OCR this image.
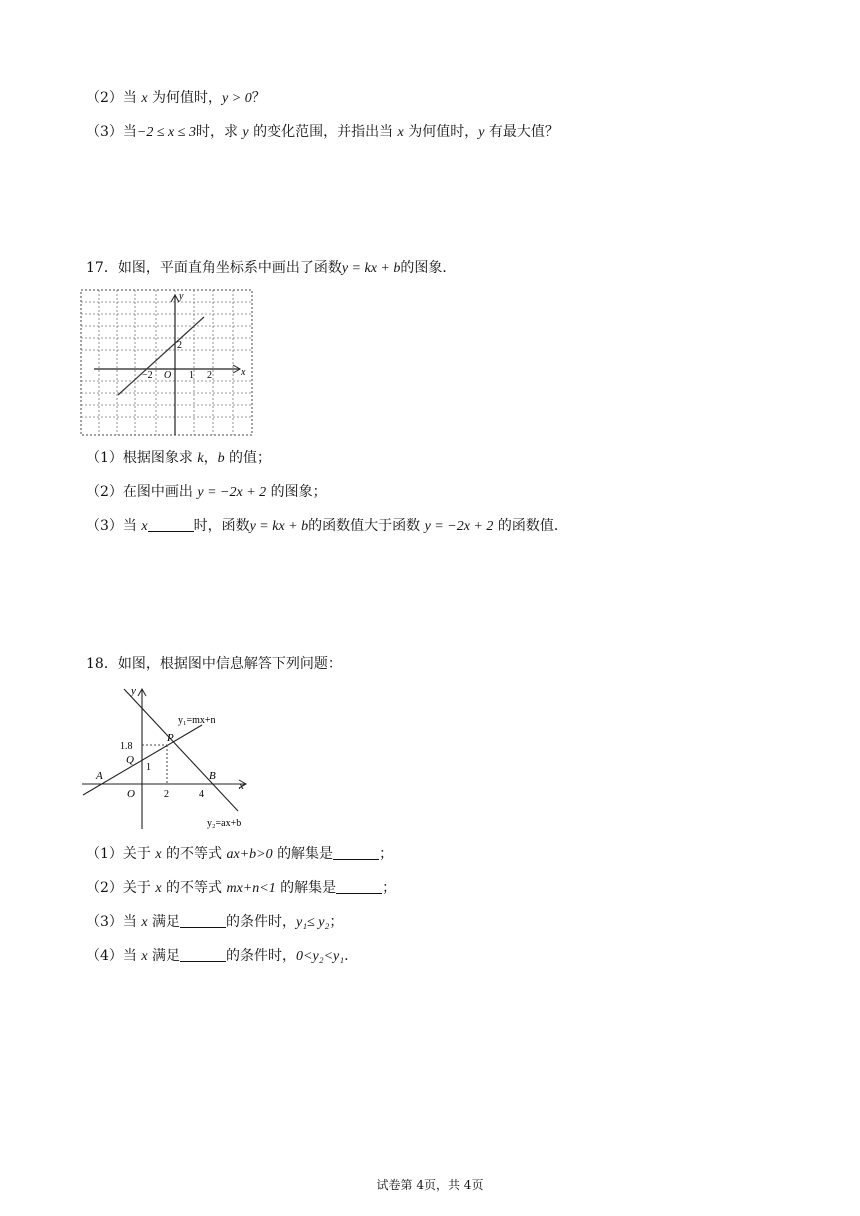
（2）当 x 为何值时，y > 0？
（3）当−2 ≤ x ≤ 3时，求 y 的变化范围，并指出当 x 为何值时，y 有最大值？
17．如图，平面直角坐标系中画出了函数y = kx + b的图象．
y
x
O
2
−2	1 2
（1）根据图象求 k，b 的值；
（2）在图中画出 y = −2x + 2 的图象；
（3）当 x	时，函数y = kx + b的函数值大于函数 y = −2x + 2 的函数值．
18．如图，根据图中信息解答下列问题：
y
x
O
A	B
P
Q
1.8
1
2	4
y₁=mx+n
y₂=ax+b
（1）关于 x 的不等式 ax+b>0 的解集是	；
（2）关于 x 的不等式 mx+n<1 的解集是	；
（3）当 x 满足	的条件时，y₁≤ y₂；
（4）当 x 满足	的条件时，0<y₂<y₁.
试卷第 4页，共 4页
